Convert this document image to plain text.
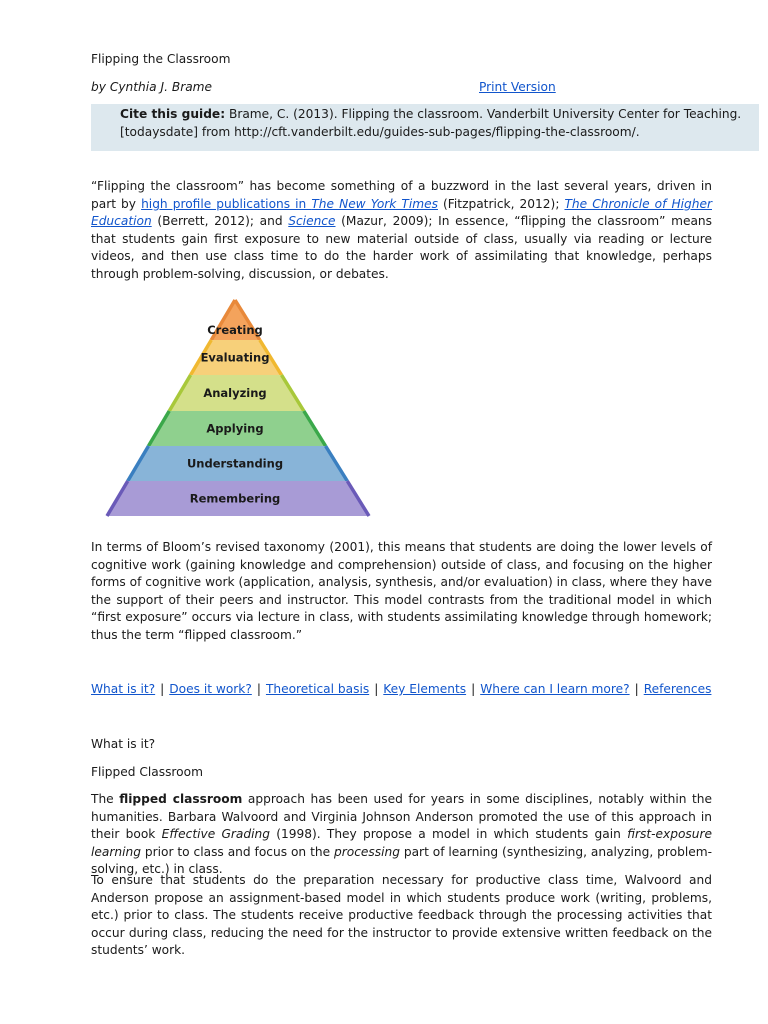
Flipping the Classroom
by Cynthia J. Brame	Print Version
Cite this guide: Brame, C. (2013). Flipping the classroom. Vanderbilt University Center for Teaching.
[todaysdate] from http://cft.vanderbilt.edu/guides-sub-pages/flipping-the-classroom/.

“Flipping the classroom” has become something of a buzzword in the last several years, driven in part by high profile publications in The New York Times (Fitzpatrick, 2012); The Chronicle of Higher Education (Berrett, 2012); and Science (Mazur, 2009); In essence, “flipping the classroom” means that students gain first exposure to new material outside of class, usually via reading or lecture videos, and then use class time to do the harder work of assimilating that knowledge, perhaps through problem-solving, discussion, or debates.

Creating
Evaluating
Analyzing
Applying
Understanding
Remembering

In terms of Bloom’s revised taxonomy (2001), this means that students are doing the lower levels of cognitive work (gaining knowledge and comprehension) outside of class, and focusing on the higher forms of cognitive work (application, analysis, synthesis, and/or evaluation) in class, where they have the support of their peers and instructor. This model contrasts from the traditional model in which “first exposure” occurs via lecture in class, with students assimilating knowledge through homework; thus the term “flipped classroom.”

What is it? | Does it work? | Theoretical basis | Key Elements | Where can I learn more? | References
What is it?
Flipped Classroom

The flipped classroom approach has been used for years in some disciplines, notably within the humanities. Barbara Walvoord and Virginia Johnson Anderson promoted the use of this approach in their book Effective Grading (1998). They propose a model in which students gain first-exposure learning prior to class and focus on the processing part of learning (synthesizing, analyzing, problem-solving, etc.) in class.

To ensure that students do the preparation necessary for productive class time, Walvoord and Anderson propose an assignment-based model in which students produce work (writing, problems, etc.) prior to class. The students receive productive feedback through the processing activities that occur during class, reducing the need for the instructor to provide extensive written feedback on the students’ work.
